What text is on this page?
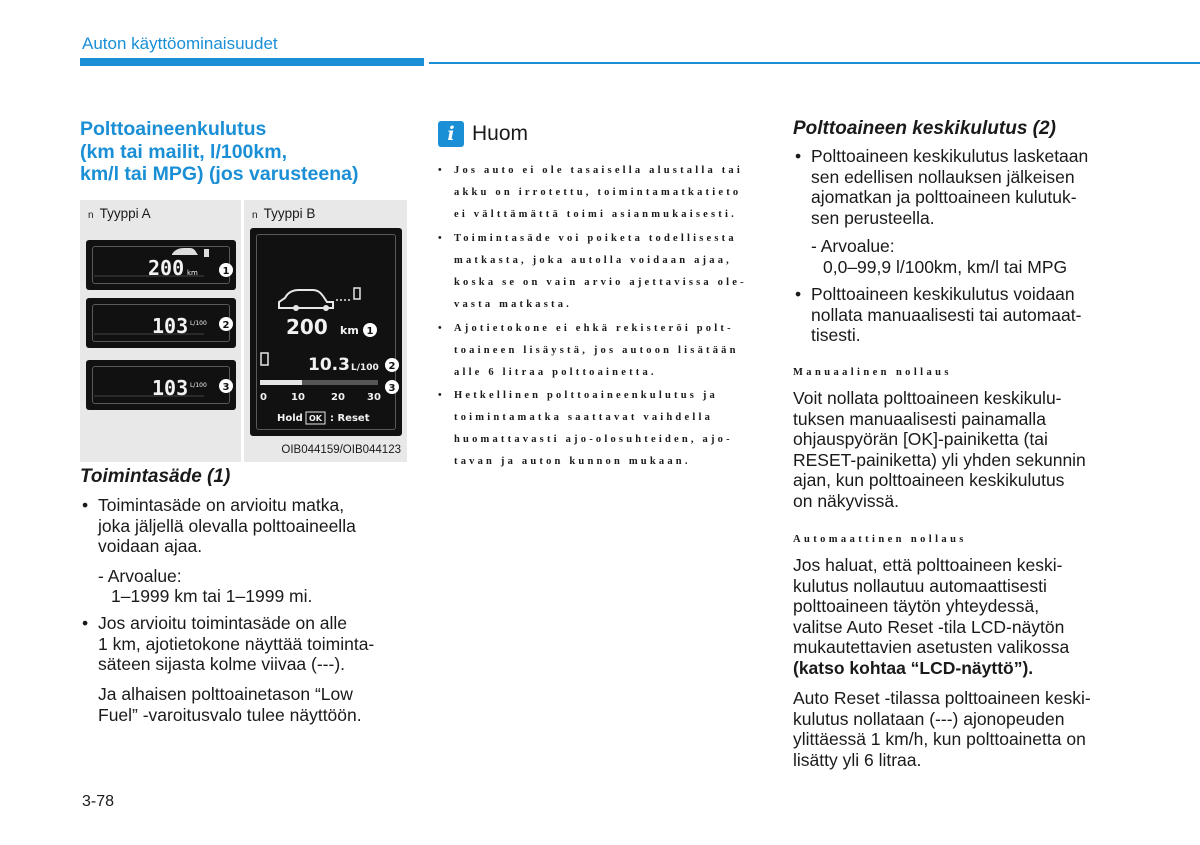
Auton käyttöominaisuudet
Polttoaineenkulutus
(km tai mailit, l/100km,
km/l tai MPG) (jos varusteena)
n Tyyppi A	n Tyyppi B
200 km 1
103 L/100 2
103 L/100 3
200 km 1
10.3 L/100 2
3
0 10	20 30
Hold OK : Reset
OIB044159/OIB044123
Toimintasäde (1)
• Toimintasäde on arvioitu matka,
joka jäljellä olevalla polttoaineella
voidaan ajaa.
- Arvoalue:
1–1999 km tai 1–1999 mi.
• Jos arvioitu toimintasäde on alle
1 km, ajotietokone näyttää toiminta-
säteen sijasta kolme viivaa (---).
Ja alhaisen polttoainetason “Low
Fuel” -varoitusvalo tulee näyttöön.
3-78
i Huom
• Jos auto ei ole tasaisella alustalla tai
akku on irrotettu, toimintamatkatieto
ei välttämättä toimi asianmukaisesti.
• Toimintasäde voi poiketa todellisesta
matkasta, joka autolla voidaan ajaa,
koska se on vain arvio ajettavissa ole-
vasta matkasta.
• Ajotietokone ei ehkä rekisteröi polt-
toaineen lisäystä, jos autoon lisätään
alle 6 litraa polttoainetta.
• Hetkellinen polttoaineenkulutus ja
toimintamatka saattavat vaihdella
huomattavasti ajo-olosuhteiden, ajo-
tavan ja auton kunnon mukaan.
Polttoaineen keskikulutus (2)
• Polttoaineen keskikulutus lasketaan
sen edellisen nollauksen jälkeisen
ajomatkan ja polttoaineen kulutuk-
sen perusteella.
- Arvoalue:
0,0–99,9 l/100km, km/l tai MPG
• Polttoaineen keskikulutus voidaan
nollata manuaalisesti tai automaat-
tisesti.
Manuaalinen nollaus
Voit nollata polttoaineen keskikulu-
tuksen manuaalisesti painamalla
ohjauspyörän [OK]-painiketta (tai
RESET-painiketta) yli yhden sekunnin
ajan, kun polttoaineen keskikulutus
on näkyvissä.
Automaattinen nollaus
Jos haluat, että polttoaineen keski-
kulutus nollautuu automaattisesti
polttoaineen täytön yhteydessä,
valitse Auto Reset -tila LCD-näytön
mukautettavien asetusten valikossa
(katso kohtaa “LCD-näyttö”).
Auto Reset -tilassa polttoaineen keski-
kulutus nollataan (---) ajonopeuden
ylittäessä 1 km/h, kun polttoainetta on
lisätty yli 6 litraa.
